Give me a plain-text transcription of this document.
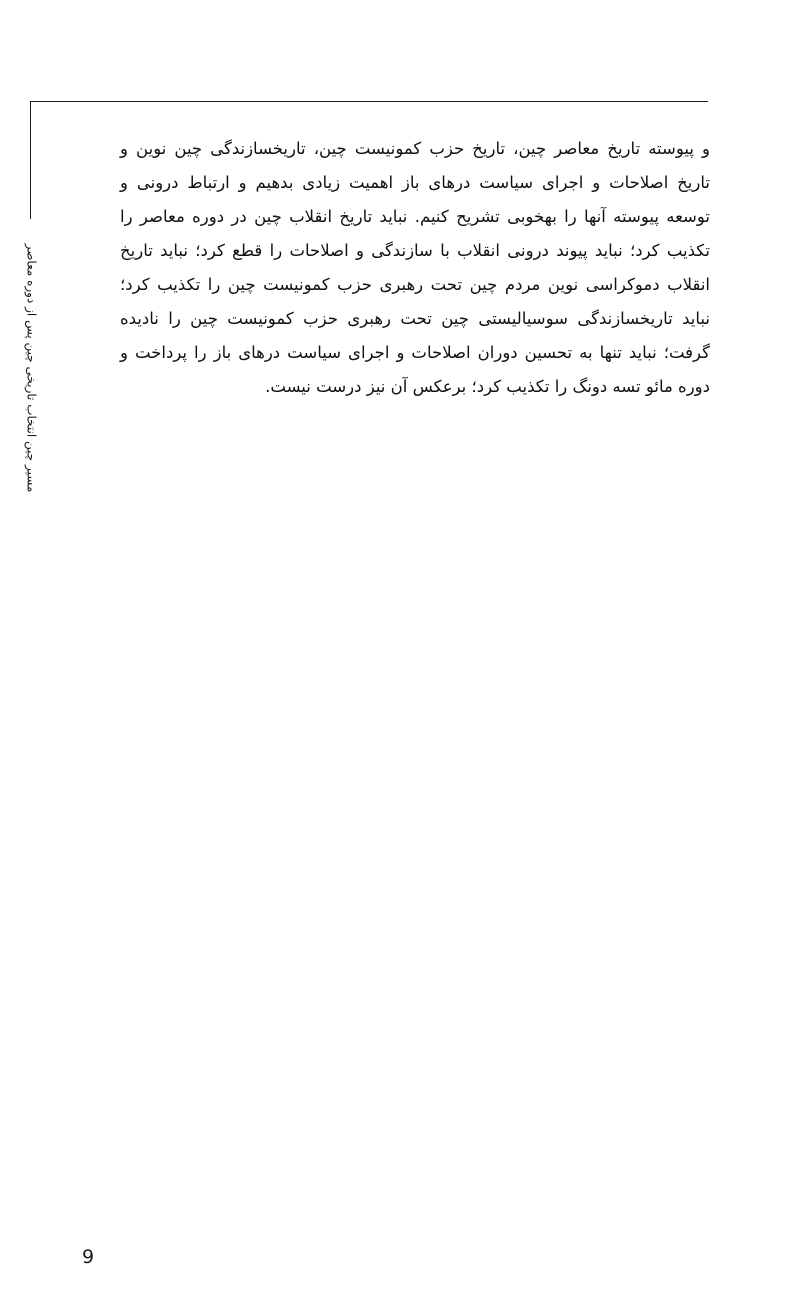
مسیر چین انتخاب تاریخی چین پس از دوره معاصر

و پیوسته تاریخ معاصر چین، تاریخ حزب کمونیست چین، تاریخسازندگی چین نوین و تاریخ اصلاحات و اجرای سیاست درهای باز اهمیت زیادی بدهیم و ارتباط درونی و توسعه پیوسته آنها را بهخوبی تشریح کنیم. نباید تاریخ انقلاب چین در دوره معاصر را تکذیب کرد؛ نباید پیوند درونی انقلاب با سازندگی و اصلاحات را قطع کرد؛ نباید تاریخ انقلاب دموکراسی نوین مردم چین تحت رهبری حزب کمونیست چین را تکذیب کرد؛ نباید تاریخسازندگی سوسیالیستی چین تحت رهبری حزب کمونیست چین را نادیده گرفت؛ نباید تنها به تحسین دوران اصلاحات و اجرای سیاست درهای باز را پرداخت و دوره مائو تسه دونگ را تکذیب کرد؛ برعکس آن نیز درست نیست.

9
